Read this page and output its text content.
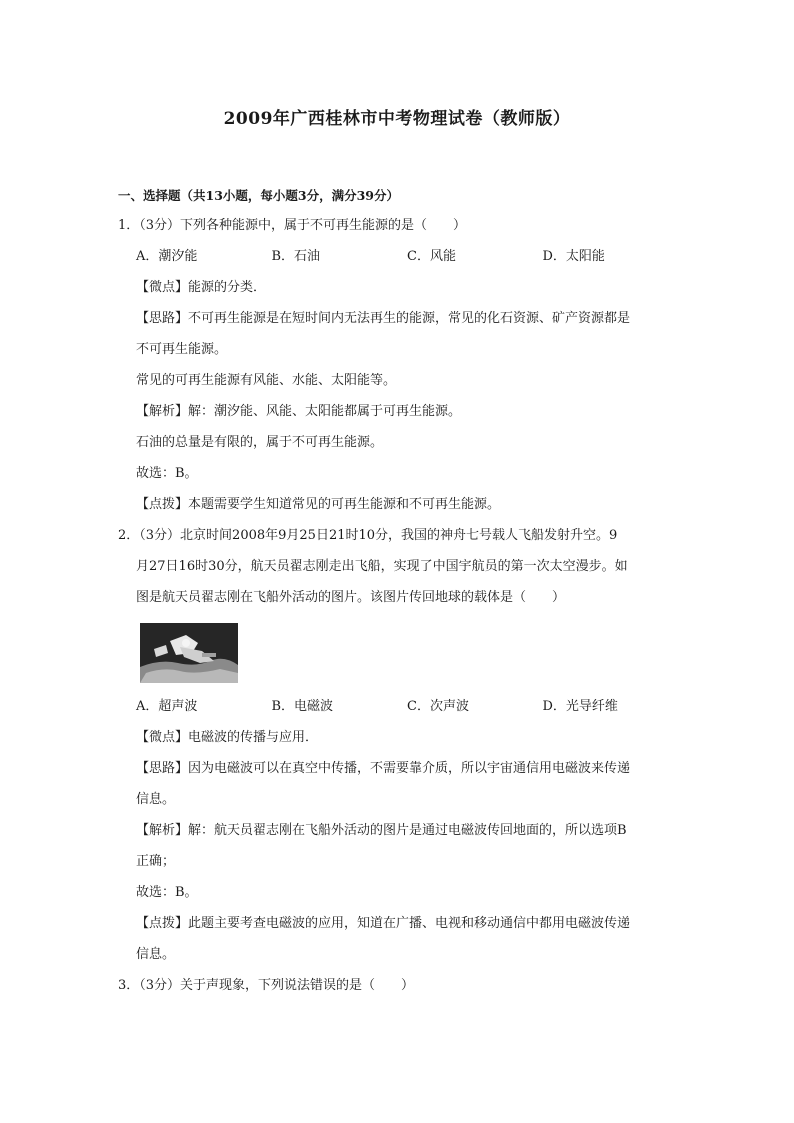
2009年广西桂林市中考物理试卷（教师版）
一、选择题（共13小题，每小题3分，满分39分）
1．（3分）下列各种能源中，属于不可再生能源的是（　　）
A．潮汐能	B．石油	C．风能	D．太阳能
【微点】能源的分类．
【思路】不可再生能源是在短时间内无法再生的能源，常见的化石资源、矿产资源都是
不可再生能源。
常见的可再生能源有风能、水能、太阳能等。
【解析】解：潮汐能、风能、太阳能都属于可再生能源。
石油的总量是有限的，属于不可再生能源。
故选：B。
【点拨】本题需要学生知道常见的可再生能源和不可再生能源。
2．（3分）北京时间2008年9月25日21时10分，我国的神舟七号载人飞船发射升空。9
月27日16时30分，航天员翟志刚走出飞船，实现了中国宇航员的第一次太空漫步。如
图是航天员翟志刚在飞船外活动的图片。该图片传回地球的载体是（　　）
A．超声波	B．电磁波	C．次声波	D．光导纤维
【微点】电磁波的传播与应用．
【思路】因为电磁波可以在真空中传播，不需要靠介质，所以宇宙通信用电磁波来传递
信息。
【解析】解：航天员翟志刚在飞船外活动的图片是通过电磁波传回地面的，所以选项B
正确；
故选：B。
【点拨】此题主要考查电磁波的应用，知道在广播、电视和移动通信中都用电磁波传递
信息。
3．（3分）关于声现象，下列说法错误的是（　　）
